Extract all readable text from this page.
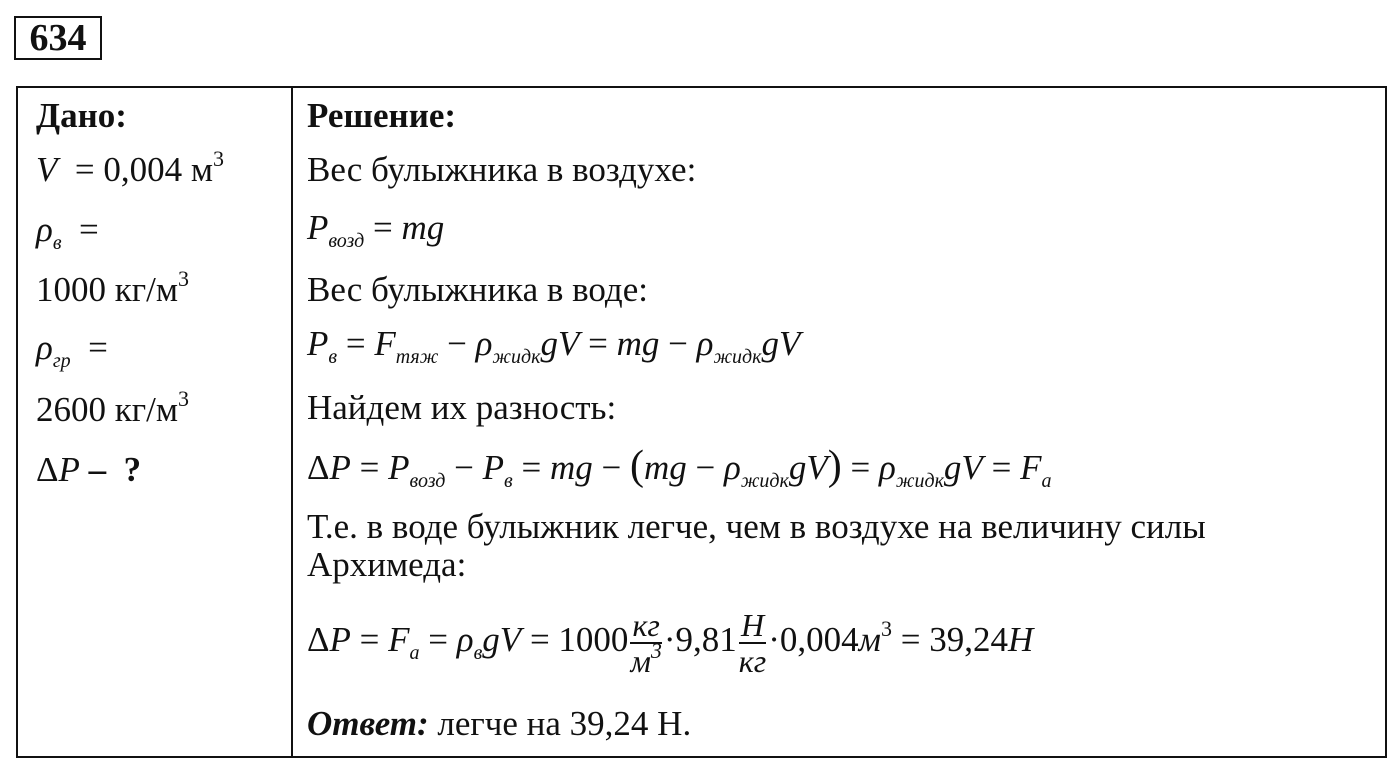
634
Дано:
V = 0,004 $м^3$
$\rho_в$ =
1000 $кг/м^3$
$\rho_{гр}$ =
2600 $кг/м^3$
ΔP –  ?
Решение:
Вес булыжника в воздухе:
$P_{возд}$ = mg
Вес булыжника в воде:
$P_в = F_{тяж} - \rho_{жидк}gV$ = mg − $\rho_{жидк}gV$
Найдем их разность:
$\Delta P = P_{возд} - P_в$ = mg − $(mg - \rho_{жидк}gV) = \rho_{жидк}gV = F_а$
Т.е. в воде булыжник легче, чем в воздухе на величину силы Архимеда:
$\Delta P = F_а = \rho_вgV = 1000 \frac{кг}{м^3} \cdot 9,81 \frac{Н}{кг} \cdot 0,004м^3 = 39,24Н$
Ответ: легче на 39,24 Н.
